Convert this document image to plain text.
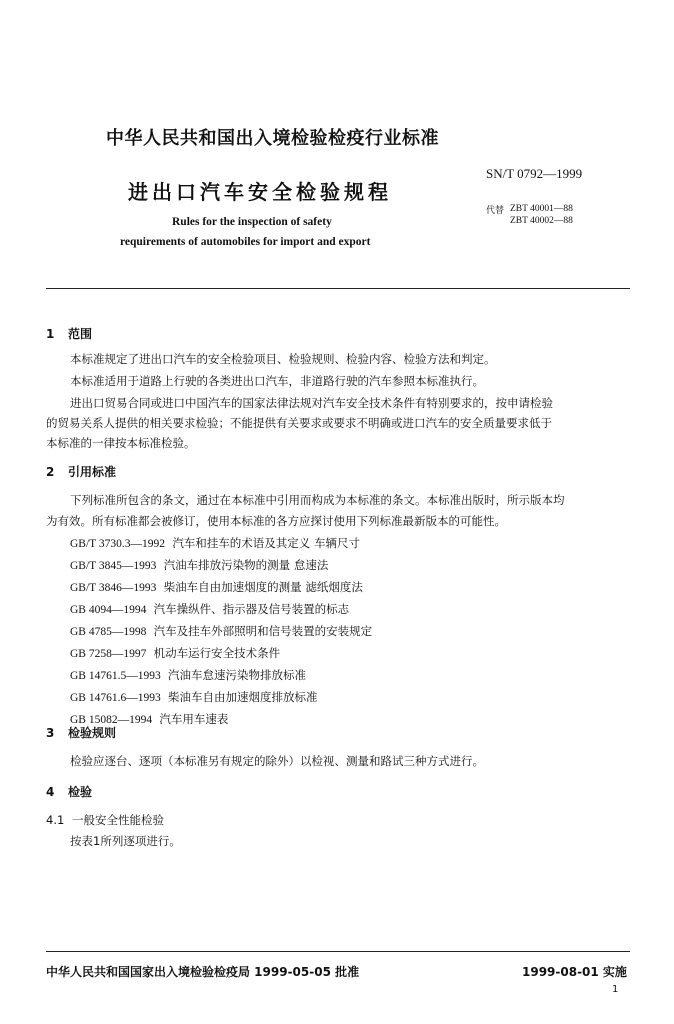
中华人民共和国出入境检验检疫行业标准
进出口汽车安全检验规程
SN/T 0792—1999
代替 ZBT 40001—88
ZBT 40002—88
Rules for the inspection of safety
requirements of automobiles for import and export
1 范围
本标准规定了进出口汽车的安全检验项目、检验规则、检验内容、检验方法和判定。
本标准适用于道路上行驶的各类进出口汽车，非道路行驶的汽车参照本标准执行。
进出口贸易合同或进口中国汽车的国家法律法规对汽车安全技术条件有特别要求的，按申请检验
的贸易关系人提供的相关要求检验；不能提供有关要求或要求不明确或进口汽车的安全质量要求低于
本标准的一律按本标准检验。
2 引用标准
下列标准所包含的条文，通过在本标准中引用而构成为本标准的条文。本标准出版时，所示版本均
为有效。所有标准都会被修订，使用本标准的各方应探讨使用下列标准最新版本的可能性。
GB/T 3730.3—1992 汽车和挂车的术语及其定义 车辆尺寸
GB/T 3845—1993 汽油车排放污染物的测量 怠速法
GB/T 3846—1993 柴油车自由加速烟度的测量 滤纸烟度法
GB 4094—1994 汽车操纵件、指示器及信号装置的标志
GB 4785—1998 汽车及挂车外部照明和信号装置的安装规定
GB 7258—1997 机动车运行安全技术条件
GB 14761.5—1993 汽油车怠速污染物排放标准
GB 14761.6—1993 柴油车自由加速烟度排放标准
GB 15082—1994 汽车用车速表
3 检验规则
检验应逐台、逐项（本标准另有规定的除外）以检视、测量和路试三种方式进行。
4 检验
4.1 一般安全性能检验
按表1所列逐项进行。
中华人民共和国国家出入境检验检疫局 1999-05-05 批准	1999-08-01 实施
1
